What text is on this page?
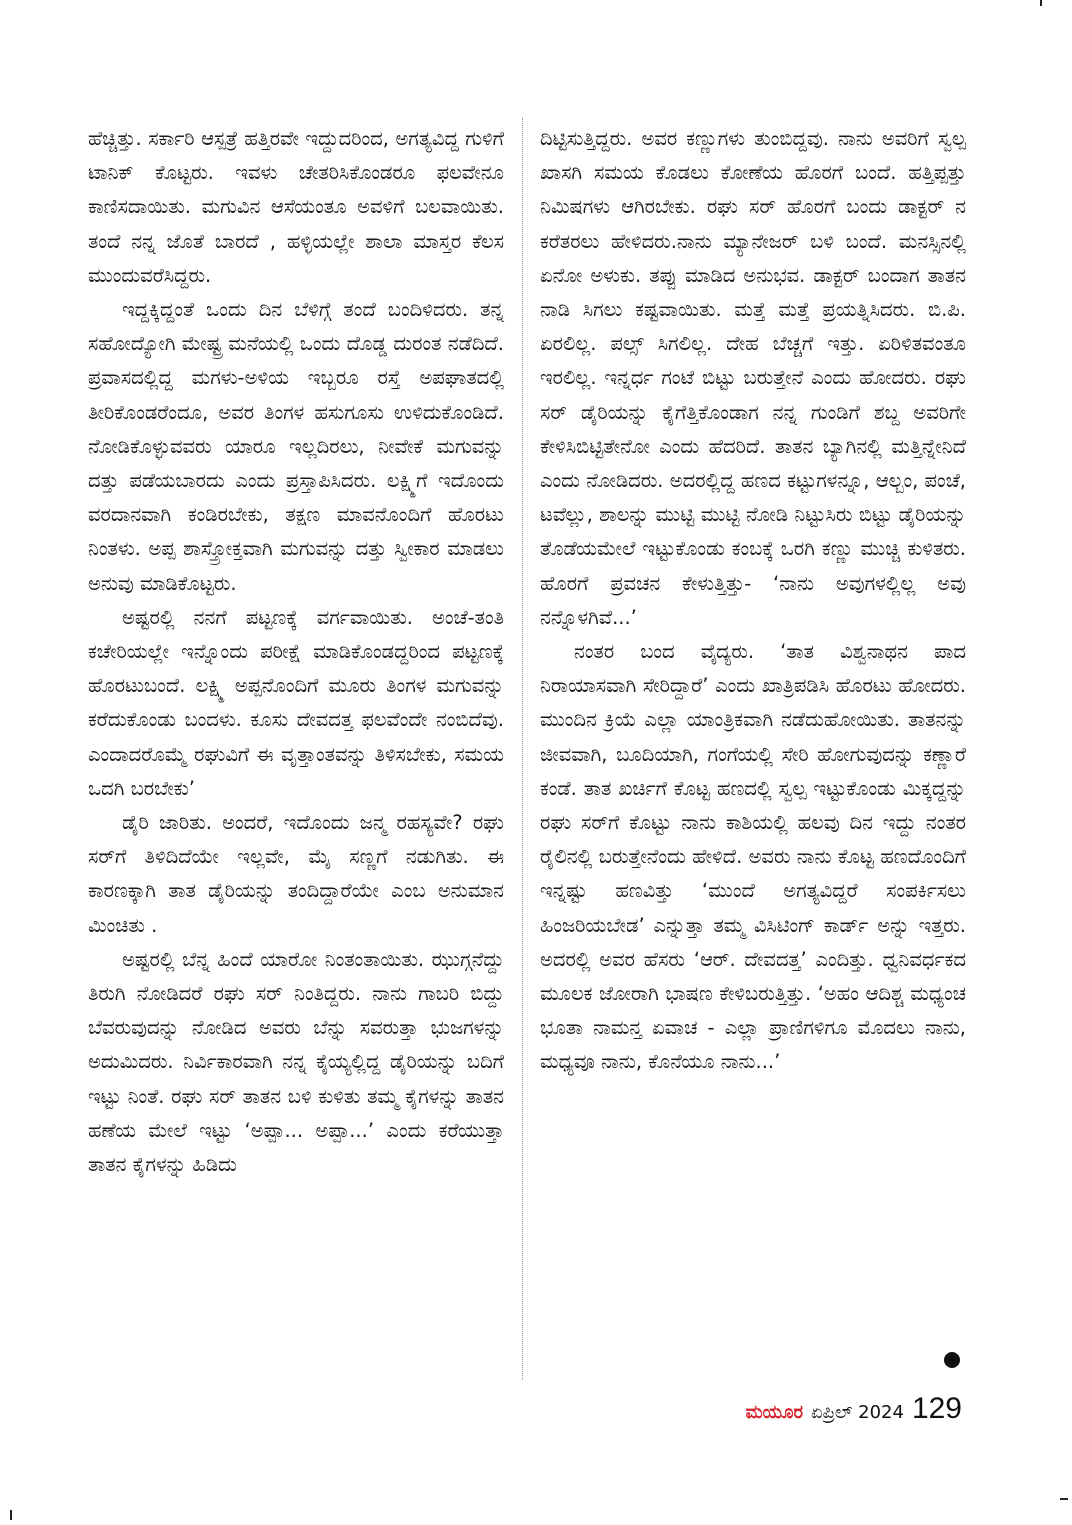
ಹೆಚ್ಚಿತ್ತು. ಸರ್ಕಾರಿ ಆಸ್ಪತ್ರೆ ಹತ್ತಿರವೇ ಇದ್ದುದರಿಂದ, ಅಗತ್ಯವಿದ್ದ ಗುಳಿಗೆ ಟಾನಿಕ್ ಕೊಟ್ಟರು. ಇವಳು ಚೇತರಿಸಿಕೊಂಡರೂ ಫಲವೇನೂ ಕಾಣಿಸದಾಯಿತು. ಮಗುವಿನ ಆಸೆಯಂತೂ ಅವಳಿಗೆ ಬಲವಾಯಿತು. ತಂದೆ ನನ್ನ ಜೊತೆ ಬಾರದೆ , ಹಳ್ಳಿಯಲ್ಲೇ ಶಾಲಾ ಮಾಸ್ತರ ಕೆಲಸ ಮುಂದುವರೆಸಿದ್ದರು.

ಇದ್ದಕ್ಕಿದ್ದಂತೆ ಒಂದು ದಿನ ಬೆಳಿಗ್ಗೆ ತಂದೆ ಬಂದಿಳಿದರು. ತನ್ನ ಸಹೋದ್ಯೋಗಿ ಮೇಷ್ಟ್ರ ಮನೆಯಲ್ಲಿ ಒಂದು ದೊಡ್ಡ ದುರಂತ ನಡೆದಿದೆ. ಪ್ರವಾಸದಲ್ಲಿದ್ದ ಮಗಳು-ಅಳಿಯ ಇಬ್ಬರೂ ರಸ್ತೆ ಅಪಘಾತದಲ್ಲಿ ತೀರಿಕೊಂಡರೆಂದೂ, ಅವರ ತಿಂಗಳ ಹಸುಗೂಸು ಉಳಿದುಕೊಂಡಿದೆ. ನೋಡಿಕೊಳ್ಳುವವರು ಯಾರೂ ಇಲ್ಲದಿರಲು, ನೀವೇಕೆ ಮಗುವನ್ನು ದತ್ತು ಪಡೆಯಬಾರದು ಎಂದು ಪ್ರಸ್ತಾಪಿಸಿದರು. ಲಕ್ಷ್ಮಿಗೆ ಇದೊಂದು ವರದಾನವಾಗಿ ಕಂಡಿರಬೇಕು, ತಕ್ಷಣ ಮಾವನೊಂದಿಗೆ ಹೊರಟು ನಿಂತಳು. ಅಪ್ಪ ಶಾಸ್ತ್ರೋಕ್ತವಾಗಿ ಮಗುವನ್ನು ದತ್ತು ಸ್ವೀಕಾರ ಮಾಡಲು ಅನುವು ಮಾಡಿಕೊಟ್ಟರು.

ಅಷ್ಟರಲ್ಲಿ ನನಗೆ ಪಟ್ಟಣಕ್ಕೆ ವರ್ಗವಾಯಿತು. ಅಂಚೆ-ತಂತಿ ಕಚೇರಿಯಲ್ಲೇ ಇನ್ನೊಂದು ಪರೀಕ್ಷೆ ಮಾಡಿಕೊಂಡದ್ದರಿಂದ ಪಟ್ಟಣಕ್ಕೆ ಹೊರಟುಬಂದೆ. ಲಕ್ಷ್ಮಿ ಅಪ್ಪನೊಂದಿಗೆ ಮೂರು ತಿಂಗಳ ಮಗುವನ್ನು ಕರೆದುಕೊಂಡು ಬಂದಳು. ಕೂಸು ದೇವದತ್ತ ಫಲವೆಂದೇ ನಂಬಿದೆವು. ಎಂದಾದರೊಮ್ಮೆ ರಘುವಿಗೆ ಈ ವೃತ್ತಾಂತವನ್ನು ತಿಳಿಸಬೇಕು, ಸಮಯ ಒದಗಿ ಬರಬೇಕು’

ಡೈರಿ ಜಾರಿತು. ಅಂದರೆ, ಇದೊಂದು ಜನ್ಮ ರಹಸ್ಯವೇ? ರಘು ಸರ್‌ಗೆ ತಿಳಿದಿದೆಯೇ ಇಲ್ಲವೇ, ಮೈ ಸಣ್ಣಗೆ ನಡುಗಿತು. ಈ ಕಾರಣಕ್ಕಾಗಿ ತಾತ ಡೈರಿಯನ್ನು ತಂದಿದ್ದಾರೆಯೇ ಎಂಬ ಅನುಮಾನ ಮಿಂಚಿತು .

ಅಷ್ಟರಲ್ಲಿ ಬೆನ್ನ ಹಿಂದೆ ಯಾರೋ ನಿಂತಂತಾಯಿತು. ಝುಗ್ಗನೆದ್ದು ತಿರುಗಿ ನೋಡಿದರೆ ರಘು ಸರ್ ನಿಂತಿದ್ದರು. ನಾನು ಗಾಬರಿ ಬಿದ್ದು ಬೆವರುವುದನ್ನು ನೋಡಿದ ಅವರು ಬೆನ್ನು ಸವರುತ್ತಾ ಭುಜಗಳನ್ನು ಅದುಮಿದರು. ನಿರ್ವಿಕಾರವಾಗಿ ನನ್ನ ಕೈಯ್ಯಲ್ಲಿದ್ದ ಡೈರಿಯನ್ನು ಬದಿಗೆ ಇಟ್ಟು ನಿಂತೆ. ರಘು ಸರ್ ತಾತನ ಬಳಿ ಕುಳಿತು ತಮ್ಮ ಕೈಗಳನ್ನು ತಾತನ ಹಣೆಯ ಮೇಲೆ ಇಟ್ಟು ‘ಅಪ್ಪಾ... ಅಪ್ಪಾ...’ ಎಂದು ಕರೆಯುತ್ತಾ ತಾತನ ಕೈಗಳನ್ನು ಹಿಡಿದು

ದಿಟ್ಟಿಸುತ್ತಿದ್ದರು. ಅವರ ಕಣ್ಣುಗಳು ತುಂಬಿದ್ದವು. ನಾನು ಅವರಿಗೆ ಸ್ವಲ್ಪ ಖಾಸಗಿ ಸಮಯ ಕೊಡಲು ಕೋಣೆಯ ಹೊರಗೆ ಬಂದೆ. ಹತ್ತಿಪ್ಪತ್ತು ನಿಮಿಷಗಳು ಆಗಿರಬೇಕು. ರಘು ಸರ್ ಹೊರಗೆ ಬಂದು ಡಾಕ್ಟರ್ ನ ಕರೆತರಲು ಹೇಳಿದರು.ನಾನು ಮ್ಯಾನೇಜರ್ ಬಳಿ ಬಂದೆ. ಮನಸ್ಸಿನಲ್ಲಿ ಏನೋ ಅಳುಕು. ತಪ್ಪು ಮಾಡಿದ ಅನುಭವ. ಡಾಕ್ಟರ್ ಬಂದಾಗ ತಾತನ ನಾಡಿ ಸಿಗಲು ಕಷ್ಟವಾಯಿತು. ಮತ್ತೆ ಮತ್ತೆ ಪ್ರಯತ್ನಿಸಿದರು. ಬಿ.ಪಿ. ಏರಲಿಲ್ಲ. ಪಲ್ಸ್ ಸಿಗಲಿಲ್ಲ. ದೇಹ ಬೆಚ್ಚಗೆ ಇತ್ತು. ಏರಿಳಿತವಂತೂ ಇರಲಿಲ್ಲ. ಇನ್ನರ್ಧ ಗಂಟೆ ಬಿಟ್ಟು ಬರುತ್ತೇನೆ ಎಂದು ಹೋದರು. ರಘು ಸರ್ ಡೈರಿಯನ್ನು ಕೈಗೆತ್ತಿಕೊಂಡಾಗ ನನ್ನ ಗುಂಡಿಗೆ ಶಬ್ದ ಅವರಿಗೇ ಕೇಳಿಸಿಬಿಟ್ಟಿತೇನೋ ಎಂದು ಹೆದರಿದೆ. ತಾತನ ಬ್ಯಾಗಿನಲ್ಲಿ ಮತ್ತಿನ್ನೇನಿದೆ ಎಂದು ನೋಡಿದರು. ಅದರಲ್ಲಿದ್ದ ಹಣದ ಕಟ್ಟುಗಳನ್ನೂ, ಆಲ್ಬಂ, ಪಂಚೆ, ಟವೆಲ್ಲು, ಶಾಲನ್ನು ಮುಟ್ಟಿ ಮುಟ್ಟಿ ನೋಡಿ ನಿಟ್ಟುಸಿರು ಬಿಟ್ಟು ಡೈರಿಯನ್ನು ತೊಡೆಯಮೇಲೆ ಇಟ್ಟುಕೊಂಡು ಕಂಬಕ್ಕೆ ಒರಗಿ ಕಣ್ಣು ಮುಚ್ಚಿ ಕುಳಿತರು. ಹೊರಗೆ ಪ್ರವಚನ ಕೇಳುತ್ತಿತ್ತು- ‘ನಾನು ಅವುಗಳಲ್ಲಿಲ್ಲ ಅವು ನನ್ನೊಳಗಿವೆ...’

ನಂತರ ಬಂದ ವೈದ್ಯರು. ‘ತಾತ ವಿಶ್ವನಾಥನ ಪಾದ ನಿರಾಯಾಸವಾಗಿ ಸೇರಿದ್ದಾರೆ’ ಎಂದು ಖಾತ್ರಿಪಡಿಸಿ ಹೊರಟು ಹೋದರು. ಮುಂದಿನ ಕ್ರಿಯೆ ಎಲ್ಲಾ ಯಾಂತ್ರಿಕವಾಗಿ ನಡೆದುಹೋಯಿತು. ತಾತನನ್ನು ಜೀವವಾಗಿ, ಬೂದಿಯಾಗಿ, ಗಂಗೆಯಲ್ಲಿ ಸೇರಿ ಹೋಗುವುದನ್ನು ಕಣ್ಣಾರೆ ಕಂಡೆ. ತಾತ ಖರ್ಚಿಗೆ ಕೊಟ್ಟ ಹಣದಲ್ಲಿ ಸ್ವಲ್ಪ ಇಟ್ಟುಕೊಂಡು ಮಿಕ್ಕದ್ದನ್ನು ರಘು ಸರ್‌ಗೆ ಕೊಟ್ಟು ನಾನು ಕಾಶಿಯಲ್ಲಿ ಹಲವು ದಿನ ಇದ್ದು ನಂತರ ರೈಲಿನಲ್ಲಿ ಬರುತ್ತೇನೆಂದು ಹೇಳಿದೆ. ಅವರು ನಾನು ಕೊಟ್ಟ ಹಣದೊಂದಿಗೆ ಇನ್ನಷ್ಟು ಹಣವಿತ್ತು ‘ಮುಂದೆ ಅಗತ್ಯವಿದ್ದರೆ ಸಂಪರ್ಕಿಸಲು ಹಿಂಜರಿಯಬೇಡ’ ಎನ್ನುತ್ತಾ ತಮ್ಮ ವಿಸಿಟಿಂಗ್ ಕಾರ್ಡ್ ಅನ್ನು ಇತ್ತರು. ಅದರಲ್ಲಿ ಅವರ ಹೆಸರು ‘ಆರ್. ದೇವದತ್ತ’ ಎಂದಿತ್ತು. ಧ್ವನಿವರ್ಧಕದ ಮೂಲಕ ಜೋರಾಗಿ ಭಾಷಣ ಕೇಳಿಬರುತ್ತಿತ್ತು. ‘ಅಹಂ ಆದಿಶ್ಚ ಮಧ್ಯಂಚ ಭೂತಾ ನಾಮನ್ತ ಏವಾಚ - ಎಲ್ಲಾ ಪ್ರಾಣಿಗಳಿಗೂ ಮೊದಲು ನಾನು, ಮಧ್ಯವೂ ನಾನು, ಕೊನೆಯೂ ನಾನು...’

ಮಯೂರ ಏಪ್ರಿಲ್ 2024 129
